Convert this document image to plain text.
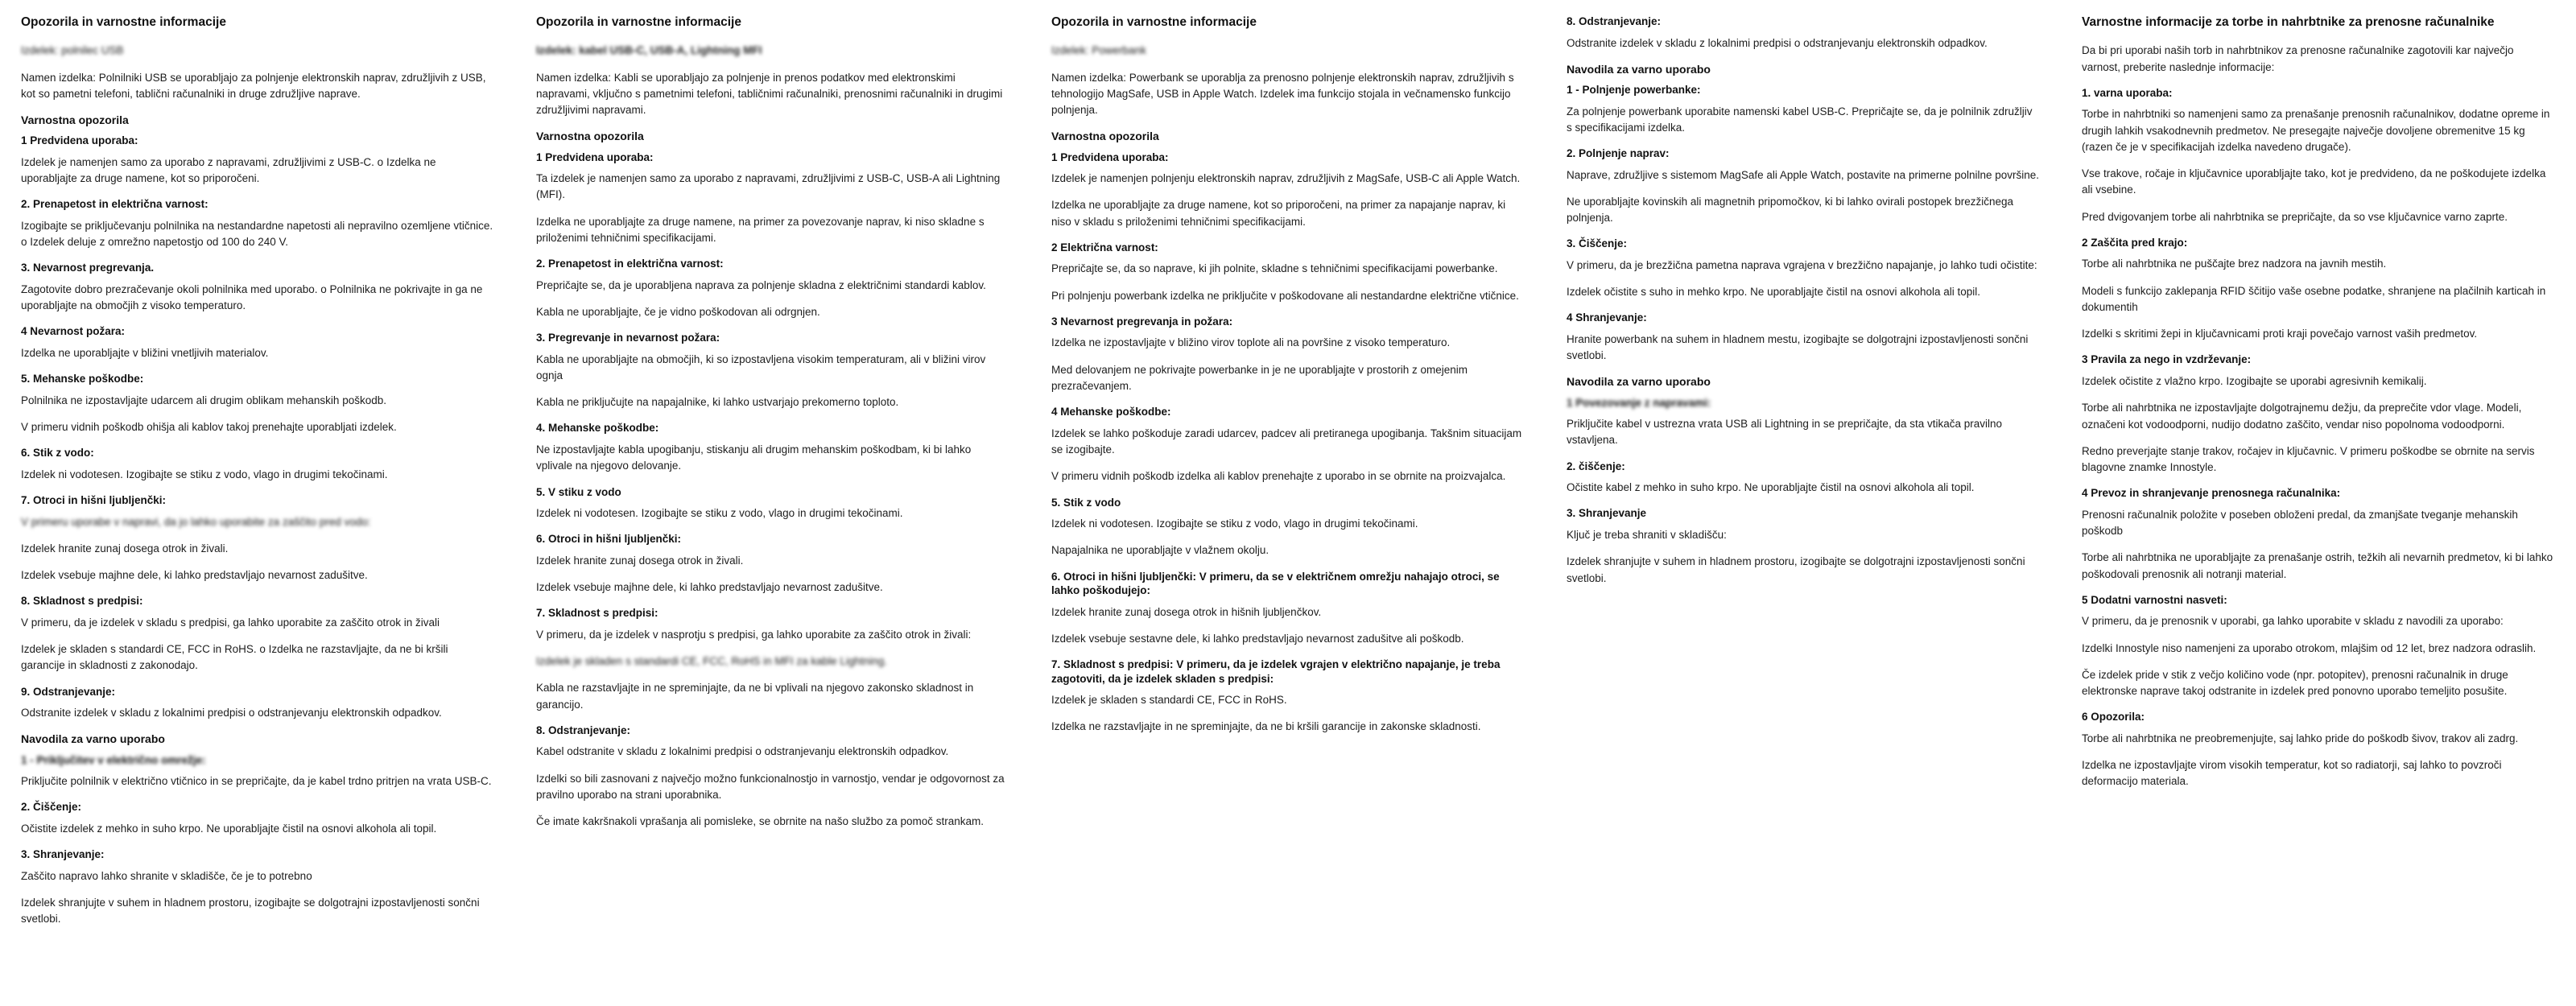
Opozorila in varnostne informacije

Izdelek: polnilec USB

Namen izdelka: Polnilniki USB se uporabljajo za polnjenje elektronskih naprav, združljivih z USB, kot so pametni telefoni, tablični računalniki in druge združljive naprave.

Varnostna opozorila
1 Predvidena uporaba:

Izdelek je namenjen samo za uporabo z napravami, združljivimi z USB-C. o Izdelka ne uporabljajte za druge namene, kot so priporočeni.

2. Prenapetost in električna varnost:

Izogibajte se priključevanju polnilnika na nestandardne napetosti ali nepravilno ozemljene vtičnice. o Izdelek deluje z omrežno napetostjo od 100 do 240 V.

3. Nevarnost pregrevanja.

Zagotovite dobro prezračevanje okoli polnilnika med uporabo. o Polnilnika ne pokrivajte in ga ne uporabljajte na območjih z visoko temperaturo.

4 Nevarnost požara:

Izdelka ne uporabljajte v bližini vnetljivih materialov.

5. Mehanske poškodbe:

Polnilnika ne izpostavljajte udarcem ali drugim oblikam mehanskih poškodb.

V primeru vidnih poškodb ohišja ali kablov takoj prenehajte uporabljati izdelek.

6. Stik z vodo:

Izdelek ni vodotesen. Izogibajte se stiku z vodo, vlago in drugimi tekočinami.

7. Otroci in hišni ljubljenčki:

V primeru uporabe v napravi, da jo lahko uporabite za zaščito pred vodo:

Izdelek hranite zunaj dosega otrok in živali.

Izdelek vsebuje majhne dele, ki lahko predstavljajo nevarnost zadušitve.

8. Skladnost s predpisi:

V primeru, da je izdelek v skladu s predpisi, ga lahko uporabite za zaščito otrok in živali

Izdelek je skladen s standardi CE, FCC in RoHS. o Izdelka ne razstavljajte, da ne bi kršili garancije in skladnosti z zakonodajo.

9. Odstranjevanje:

Odstranite izdelek v skladu z lokalnimi predpisi o odstranjevanju elektronskih odpadkov.

Navodila za varno uporabo
1 - Priključitev v električno omrežje:

Priključite polnilnik v električno vtičnico in se prepričajte, da je kabel trdno pritrjen na vrata USB-C.

2. Čiščenje:

Očistite izdelek z mehko in suho krpo. Ne uporabljajte čistil na osnovi alkohola ali topil.

3. Shranjevanje:

Zaščito napravo lahko shranite v skladišče, če je to potrebno

Izdelek shranjujte v suhem in hladnem prostoru, izogibajte se dolgotrajni izpostavljenosti sončni svetlobi.

Opozorila in varnostne informacije

Izdelek: kabel USB-C, USB-A, Lightning MFI

Namen izdelka: Kabli se uporabljajo za polnjenje in prenos podatkov med elektronskimi napravami, vključno s pametnimi telefoni, tabličnimi računalniki, prenosnimi računalniki in drugimi združljivimi napravami.

Varnostna opozorila
1 Predvidena uporaba:

Ta izdelek je namenjen samo za uporabo z napravami, združljivimi z USB-C, USB-A ali Lightning (MFI).

Izdelka ne uporabljajte za druge namene, na primer za povezovanje naprav, ki niso skladne s priloženimi tehničnimi specifikacijami.

2. Prenapetost in električna varnost:

Prepričajte se, da je uporabljena naprava za polnjenje skladna z električnimi standardi kablov.

Kabla ne uporabljajte, če je vidno poškodovan ali odrgnjen.

3. Pregrevanje in nevarnost požara:

Kabla ne uporabljajte na območjih, ki so izpostavljena visokim temperaturam, ali v bližini virov ognja

Kabla ne priključujte na napajalnike, ki lahko ustvarjajo prekomerno toploto.

4. Mehanske poškodbe:

Ne izpostavljajte kabla upogibanju, stiskanju ali drugim mehanskim poškodbam, ki bi lahko vplivale na njegovo delovanje.

5. V stiku z vodo

Izdelek ni vodotesen. Izogibajte se stiku z vodo, vlago in drugimi tekočinami.

6. Otroci in hišni ljubljenčki:

Izdelek hranite zunaj dosega otrok in živali.

Izdelek vsebuje majhne dele, ki lahko predstavljajo nevarnost zadušitve.

7. Skladnost s predpisi:

V primeru, da je izdelek v nasprotju s predpisi, ga lahko uporabite za zaščito otrok in živali:

Izdelek je skladen s standardi CE, FCC, RoHS in MFI za kable Lightning.

Kabla ne razstavljajte in ne spreminjajte, da ne bi vplivali na njegovo zakonsko skladnost in garancijo.

8. Odstranjevanje:

Kabel odstranite v skladu z lokalnimi predpisi o odstranjevanju elektronskih odpadkov.

Izdelki so bili zasnovani z največjo možno funkcionalnostjo in varnostjo, vendar je odgovornost za pravilno uporabo na strani uporabnika.

Če imate kakršnakoli vprašanja ali pomisleke, se obrnite na našo službo za pomoč strankam.

Opozorila in varnostne informacije

Izdelek: Powerbank

Namen izdelka: Powerbank se uporablja za prenosno polnjenje elektronskih naprav, združljivih s tehnologijo MagSafe, USB in Apple Watch. Izdelek ima funkcijo stojala in večnamensko funkcijo polnjenja.

Varnostna opozorila
1 Predvidena uporaba:

Izdelek je namenjen polnjenju elektronskih naprav, združljivih z MagSafe, USB-C ali Apple Watch.

Izdelka ne uporabljajte za druge namene, kot so priporočeni, na primer za napajanje naprav, ki niso v skladu s priloženimi tehničnimi specifikacijami.

2 Električna varnost:

Prepričajte se, da so naprave, ki jih polnite, skladne s tehničnimi specifikacijami powerbanke.

Pri polnjenju powerbank izdelka ne priključite v poškodovane ali nestandardne električne vtičnice.

3 Nevarnost pregrevanja in požara:

Izdelka ne izpostavljajte v bližino virov toplote ali na površine z visoko temperaturo.

Med delovanjem ne pokrivajte powerbanke in je ne uporabljajte v prostorih z omejenim prezračevanjem.

4 Mehanske poškodbe:

Izdelek se lahko poškoduje zaradi udarcev, padcev ali pretiranega upogibanja. Takšnim situacijam se izogibajte.

V primeru vidnih poškodb izdelka ali kablov prenehajte z uporabo in se obrnite na proizvajalca.

5. Stik z vodo

Izdelek ni vodotesen. Izogibajte se stiku z vodo, vlago in drugimi tekočinami.

Napajalnika ne uporabljajte v vlažnem okolju.

6. Otroci in hišni ljubljenčki: V primeru, da se v električnem omrežju nahajajo otroci, se lahko poškodujejo:

Izdelek hranite zunaj dosega otrok in hišnih ljubljenčkov.

Izdelek vsebuje sestavne dele, ki lahko predstavljajo nevarnost zadušitve ali poškodb.

7. Skladnost s predpisi: V primeru, da je izdelek vgrajen v električno napajanje, je treba zagotoviti, da je izdelek skladen s predpisi:

Izdelek je skladen s standardi CE, FCC in RoHS.

Izdelka ne razstavljajte in ne spreminjajte, da ne bi kršili garancije in zakonske skladnosti.

8. Odstranjevanje:

Odstranite izdelek v skladu z lokalnimi predpisi o odstranjevanju elektronskih odpadkov.

Navodila za varno uporabo
1 - Polnjenje powerbanke:

Za polnjenje powerbank uporabite namenski kabel USB-C. Prepričajte se, da je polnilnik združljiv s specifikacijami izdelka.

2. Polnjenje naprav:

Naprave, združljive s sistemom MagSafe ali Apple Watch, postavite na primerne polnilne površine.

Ne uporabljajte kovinskih ali magnetnih pripomočkov, ki bi lahko ovirali postopek brezžičnega polnjenja.

3. Čiščenje:

V primeru, da je brezžična pametna naprava vgrajena v brezžično napajanje, jo lahko tudi očistite:

Izdelek očistite s suho in mehko krpo. Ne uporabljajte čistil na osnovi alkohola ali topil.

4 Shranjevanje:

Hranite powerbank na suhem in hladnem mestu, izogibajte se dolgotrajni izpostavljenosti sončni svetlobi.

Navodila za varno uporabo
1 Povezovanje z napravami:

Priključite kabel v ustrezna vrata USB ali Lightning in se prepričajte, da sta vtikača pravilno vstavljena.

2. čiščenje:

Očistite kabel z mehko in suho krpo. Ne uporabljajte čistil na osnovi alkohola ali topil.

3. Shranjevanje

Ključ je treba shraniti v skladišču:

Izdelek shranjujte v suhem in hladnem prostoru, izogibajte se dolgotrajni izpostavljenosti sončni svetlobi.

Varnostne informacije za torbe in nahrbtnike za prenosne računalnike

Da bi pri uporabi naših torb in nahrbtnikov za prenosne računalnike zagotovili kar največjo varnost, preberite naslednje informacije:

1. varna uporaba:

Torbe in nahrbtniki so namenjeni samo za prenašanje prenosnih računalnikov, dodatne opreme in drugih lahkih vsakodnevnih predmetov. Ne presegajte največje dovoljene obremenitve 15 kg (razen če je v specifikacijah izdelka navedeno drugače).

Vse trakove, ročaje in ključavnice uporabljajte tako, kot je predvideno, da ne poškodujete izdelka ali vsebine.

Pred dvigovanjem torbe ali nahrbtnika se prepričajte, da so vse ključavnice varno zaprte.

2 Zaščita pred krajo:

Torbe ali nahrbtnika ne puščajte brez nadzora na javnih mestih.

Modeli s funkcijo zaklepanja RFID ščitijo vaše osebne podatke, shranjene na plačilnih karticah in dokumentih

Izdelki s skritimi žepi in ključavnicami proti kraji povečajo varnost vaših predmetov.

3 Pravila za nego in vzdrževanje:

Izdelek očistite z vlažno krpo. Izogibajte se uporabi agresivnih kemikalij.

Torbe ali nahrbtnika ne izpostavljajte dolgotrajnemu dežju, da preprečite vdor vlage. Modeli, označeni kot vodoodporni, nudijo dodatno zaščito, vendar niso popolnoma vodoodporni.

Redno preverjajte stanje trakov, ročajev in ključavnic. V primeru poškodbe se obrnite na servis blagovne znamke Innostyle.

4 Prevoz in shranjevanje prenosnega računalnika:

Prenosni računalnik položite v poseben obloženi predal, da zmanjšate tveganje mehanskih poškodb

Torbe ali nahrbtnika ne uporabljajte za prenašanje ostrih, težkih ali nevarnih predmetov, ki bi lahko poškodovali prenosnik ali notranji material.

5 Dodatni varnostni nasveti:

V primeru, da je prenosnik v uporabi, ga lahko uporabite v skladu z navodili za uporabo:

Izdelki Innostyle niso namenjeni za uporabo otrokom, mlajšim od 12 let, brez nadzora odraslih.

Če izdelek pride v stik z večjo količino vode (npr. potopitev), prenosni računalnik in druge elektronske naprave takoj odstranite in izdelek pred ponovno uporabo temeljito posušite.

6 Opozorila:

Torbe ali nahrbtnika ne preobremenjujte, saj lahko pride do poškodb šivov, trakov ali zadrg.

Izdelka ne izpostavljajte virom visokih temperatur, kot so radiatorji, saj lahko to povzroči deformacijo materiala.
